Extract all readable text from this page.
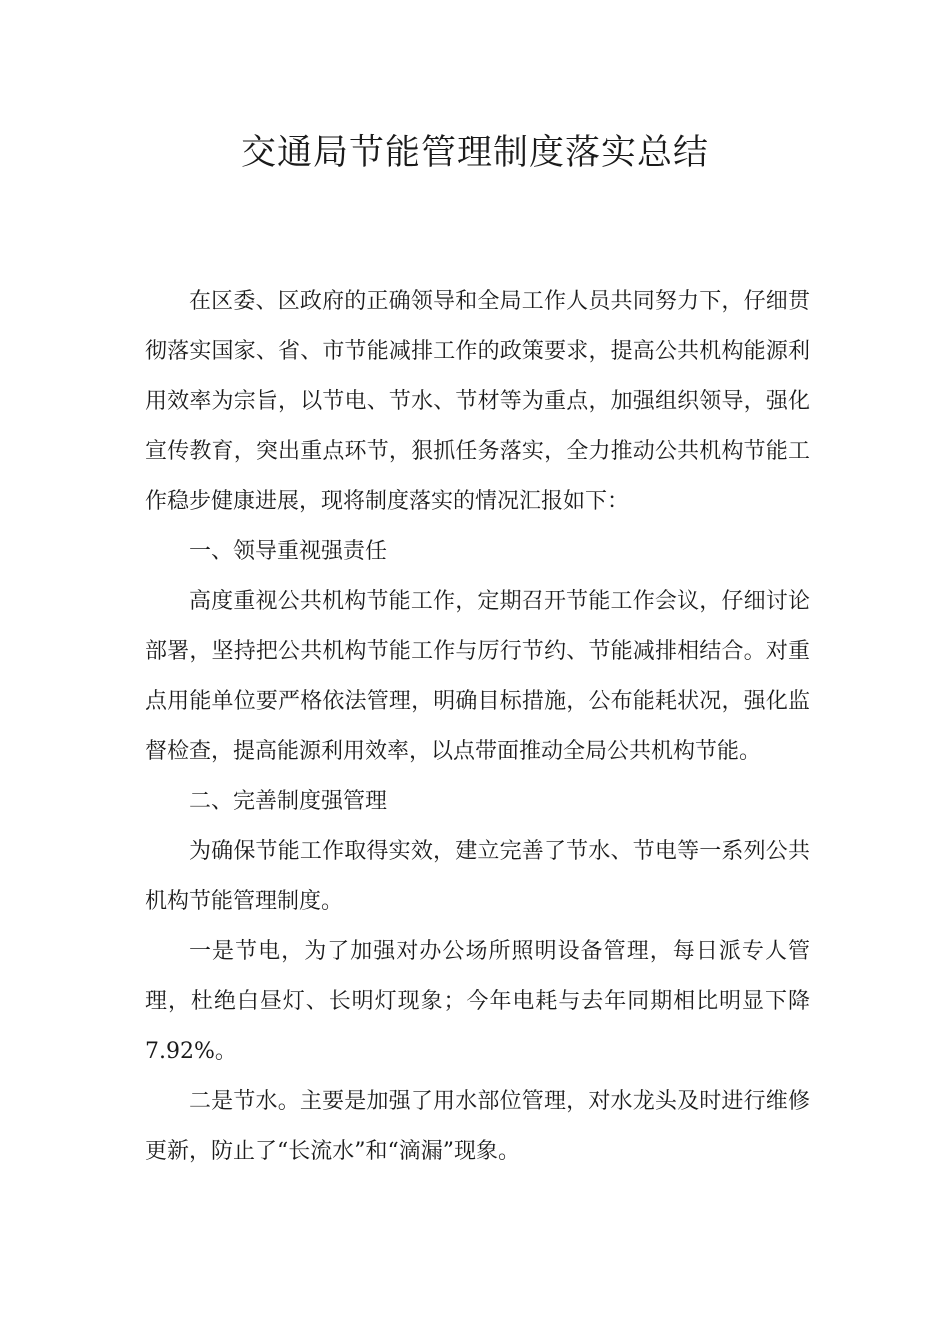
交通局节能管理制度落实总结

在区委、区政府的正确领导和全局工作人员共同努力下，仔细贯彻落实国家、省、市节能减排工作的政策要求，提高公共机构能源利用效率为宗旨，以节电、节水、节材等为重点，加强组织领导，强化宣传教育，突出重点环节，狠抓任务落实，全力推动公共机构节能工作稳步健康进展，现将制度落实的情况汇报如下：

一、领导重视强责任

高度重视公共机构节能工作，定期召开节能工作会议，仔细讨论部署，坚持把公共机构节能工作与厉行节约、节能减排相结合。对重点用能单位要严格依法管理，明确目标措施，公布能耗状况，强化监督检查，提高能源利用效率，以点带面推动全局公共机构节能。

二、完善制度强管理

为确保节能工作取得实效，建立完善了节水、节电等一系列公共机构节能管理制度。

一是节电，为了加强对办公场所照明设备管理，每日派专人管理，杜绝白昼灯、长明灯现象；今年电耗与去年同期相比明显下降7.92%。

二是节水。主要是加强了用水部位管理，对水龙头及时进行维修更新，防止了“长流水”和“滴漏”现象。
